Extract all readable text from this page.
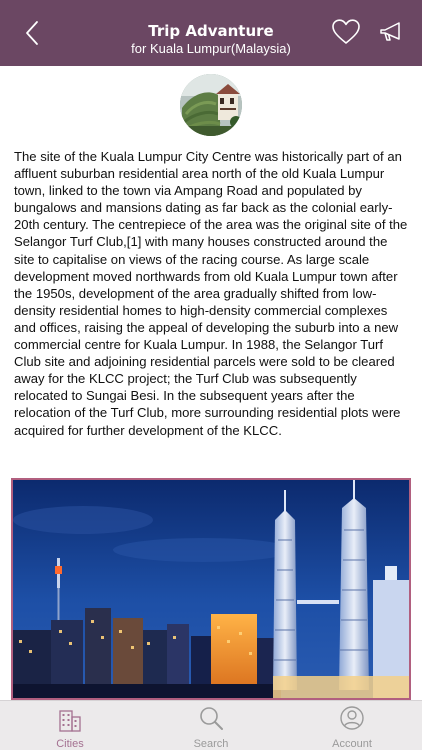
Trip Advanture
for Kuala Lumpur(Malaysia)

The site of the Kuala Lumpur City Centre was historically part of an affluent suburban residential area north of the old Kuala Lumpur town, linked to the town via Ampang Road and populated by bungalows and mansions dating as far back as the colonial early-20th century. The centrepiece of the area was the original site of the Selangor Turf Club,[1] with many houses constructed around the site to capitalise on views of the racing course. As large scale development moved northwards from old Kuala Lumpur town after the 1950s, development of the area gradually shifted from low-density residential homes to high-density commercial complexes and offices, raising the appeal of developing the suburb into a new commercial centre for Kuala Lumpur. In 1988, the Selangor Turf Club site and adjoining residential parcels were sold to be cleared away for the KLCC project; the Turf Club was subsequently relocated to Sungai Besi. In the subsequent years after the relocation of the Turf Club, more surrounding residential plots were acquired for further development of the KLCC.

Cities	Search	Account
